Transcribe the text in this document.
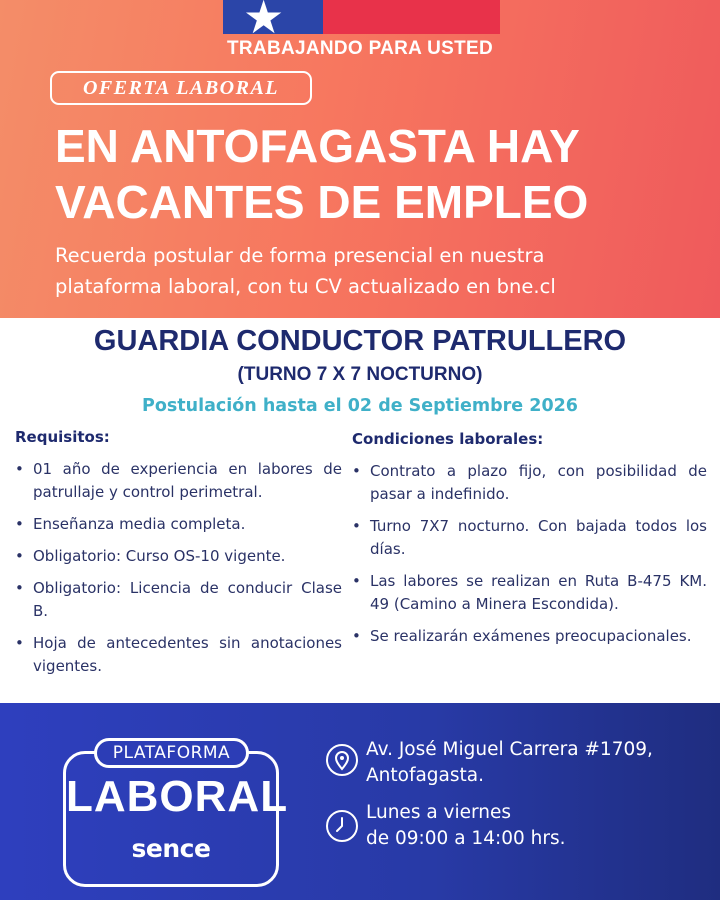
★
TRABAJANDO PARA USTED
OFERTA LABORAL
EN ANTOFAGASTA HAY
VACANTES DE EMPLEO
Recuerda postular de forma presencial en nuestra
plataforma laboral, con tu CV actualizado en bne.cl
GUARDIA CONDUCTOR PATRULLERO
(TURNO 7 X 7 NOCTURNO)
Postulación hasta el 02 de Septiembre 2026
Requisitos:
• 01 año de experiencia en labores de patrullaje y control perimetral.
• Enseñanza media completa.
• Obligatorio: Curso OS-10 vigente.
• Obligatorio: Licencia de conducir Clase B.
• Hoja de antecedentes sin anotaciones vigentes.
Condiciones laborales:
• Contrato a plazo fijo, con posibilidad de pasar a indefinido.
• Turno 7X7 nocturno. Con bajada todos los días.
• Las labores se realizan en Ruta B-475 KM. 49 (Camino a Minera Escondida).
• Se realizarán exámenes preocupacionales.
PLATAFORMA
LABORAL
sence
Av. José Miguel Carrera #1709,
Antofagasta.
Lunes a viernes
de 09:00 a 14:00 hrs.
